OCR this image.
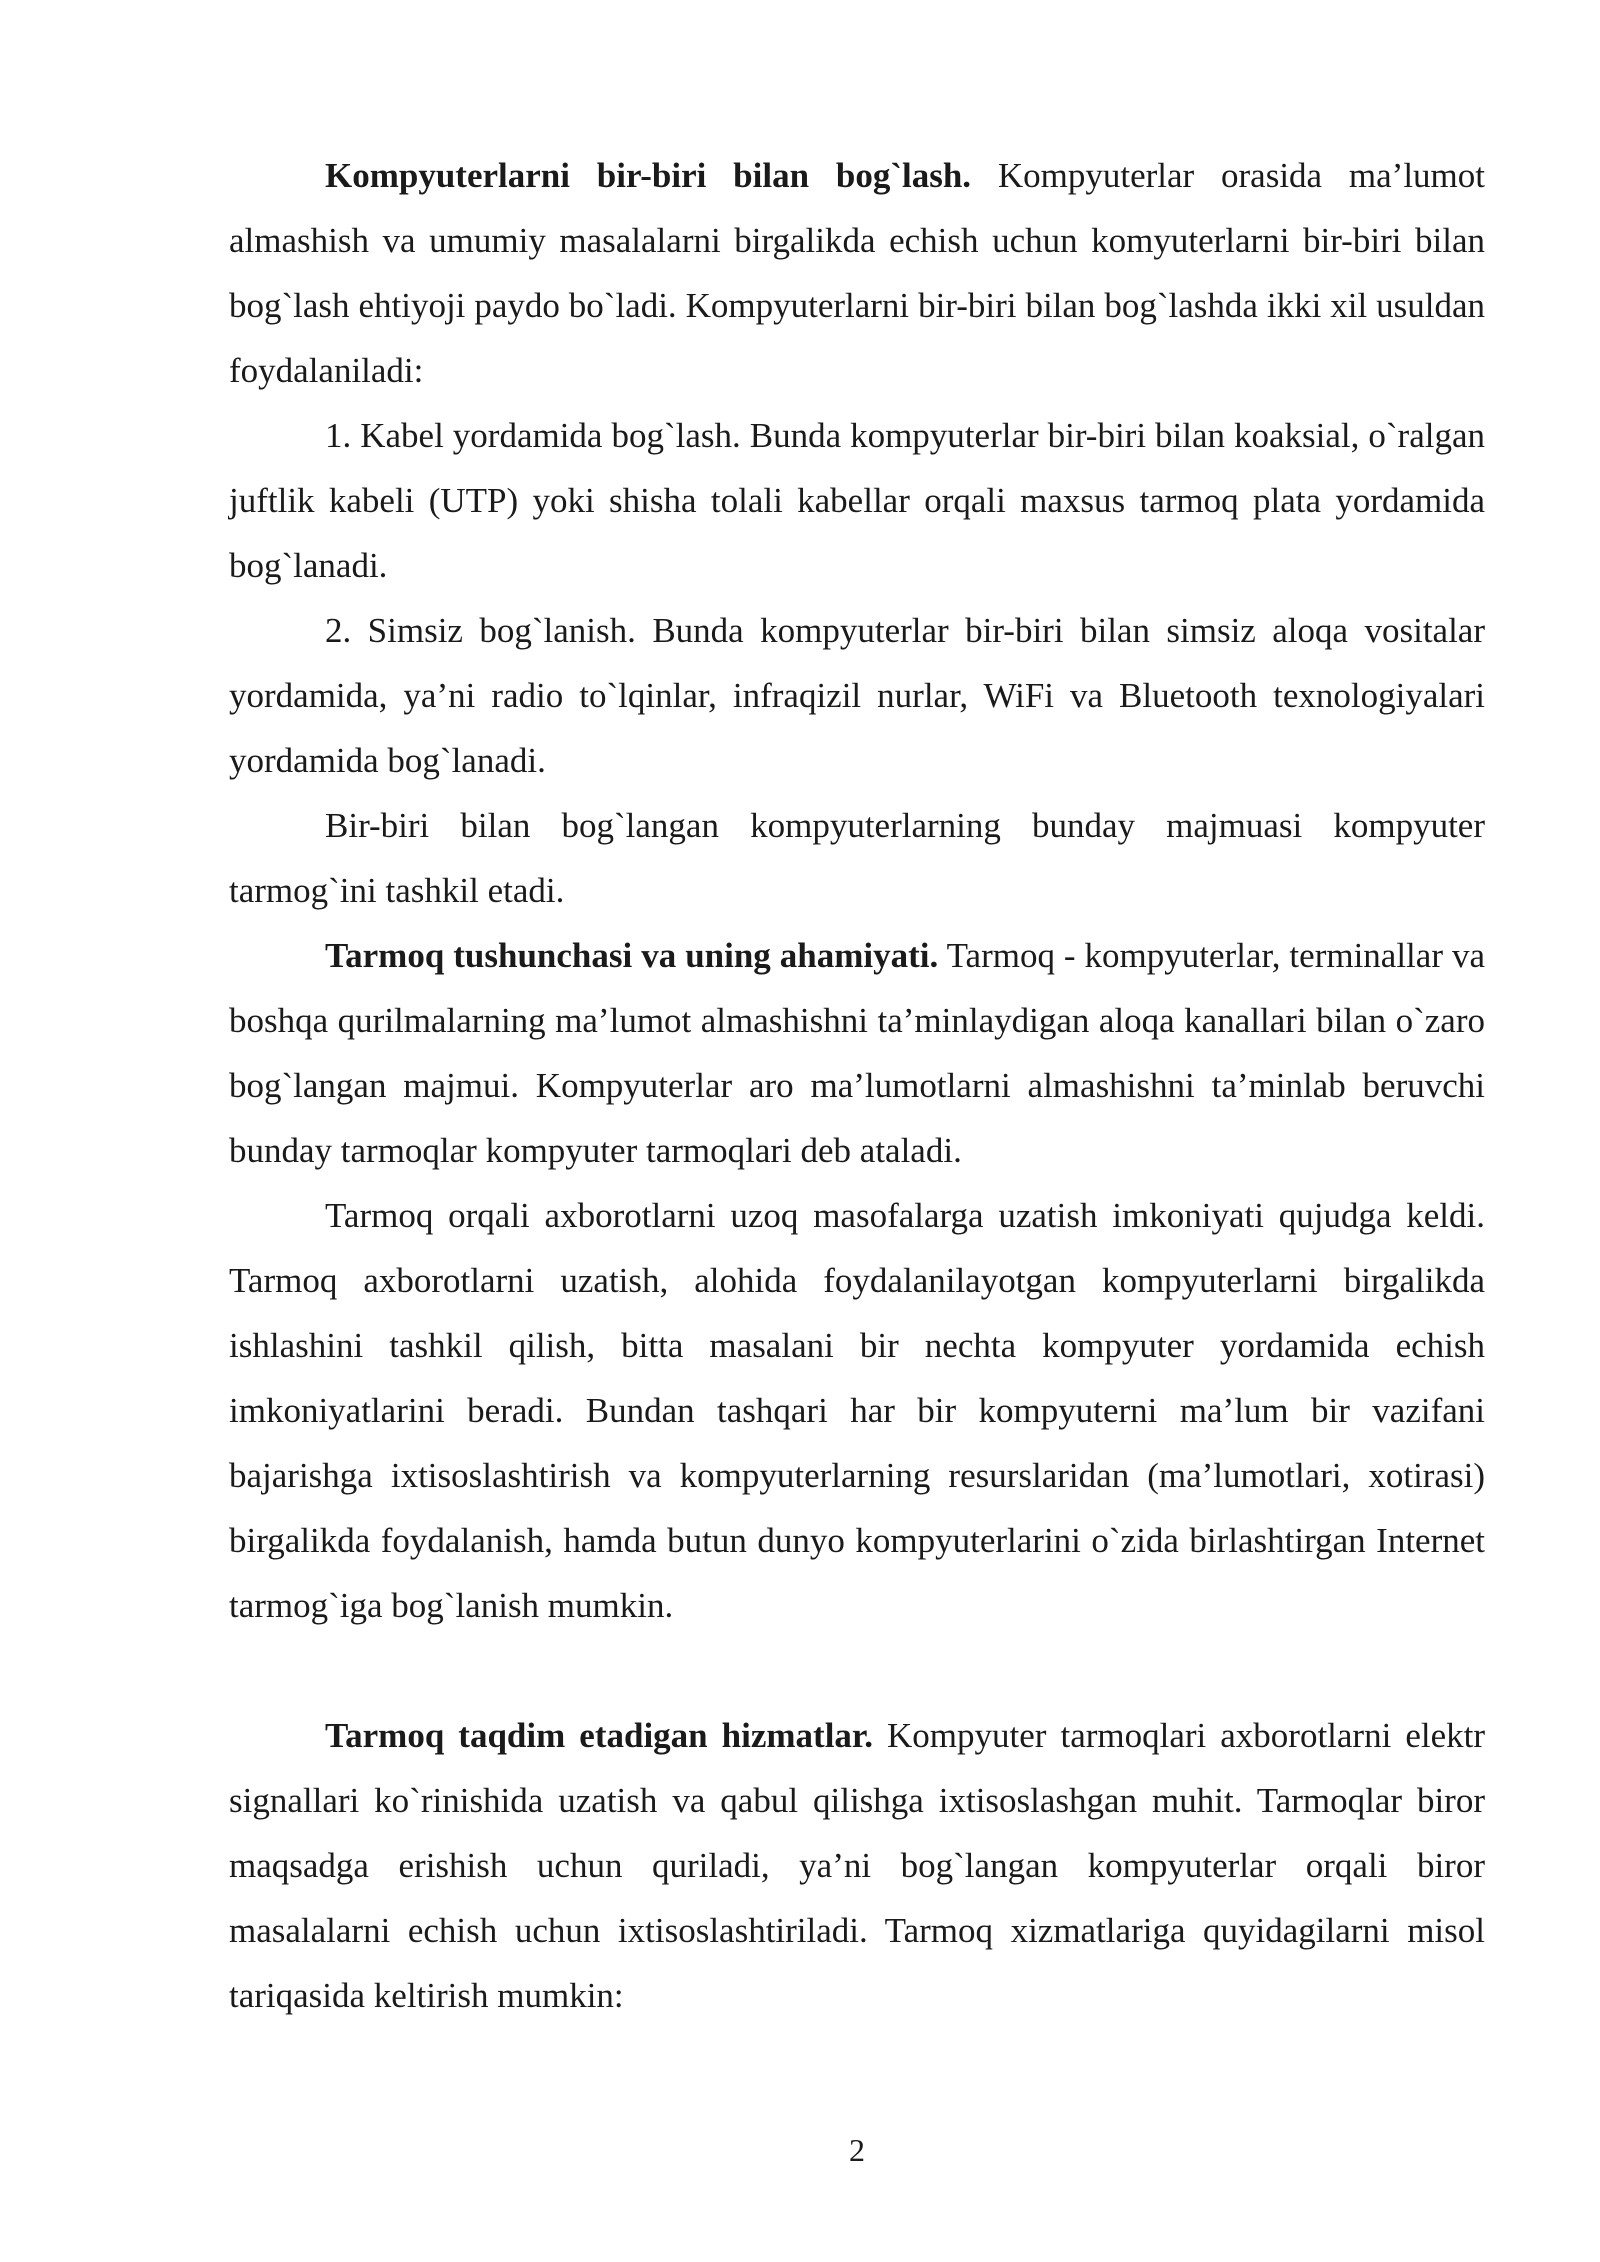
Kompyuterlarni bir-biri bilan bog`lash. Kompyuterlar orasida ma’lumot almashish va umumiy masalalarni birgalikda echish uchun komyuterlarni bir-biri bilan bog`lash ehtiyoji paydo bo`ladi. Kompyuterlarni bir-biri bilan bog`lashda ikki xil usuldan foydalaniladi:

1. Kabel yordamida bog`lash. Bunda kompyuterlar bir-biri bilan koaksial, o`ralgan juftlik kabeli (UTP) yoki shisha tolali kabellar orqali maxsus tarmoq plata yordamida bog`lanadi.

2. Simsiz bog`lanish. Bunda kompyuterlar bir-biri bilan simsiz aloqa vositalar yordamida, ya’ni radio to`lqinlar, infraqizil nurlar, WiFi va Bluetooth texnologiyalari yordamida bog`lanadi.

Bir-biri bilan bog`langan kompyuterlarning bunday majmuasi kompyuter tarmog`ini tashkil etadi.

Tarmoq tushunchasi va uning ahamiyati. Tarmoq - kompyuterlar, terminallar va boshqa qurilmalarning ma’lumot almashishni ta’minlaydigan aloqa kanallari bilan o`zaro bog`langan majmui. Kompyuterlar aro ma’lumotlarni almashishni ta’minlab beruvchi bunday tarmoqlar kompyuter tarmoqlari deb ataladi.

Tarmoq orqali axborotlarni uzoq masofalarga uzatish imkoniyati qujudga keldi. Tarmoq axborotlarni uzatish, alohida foydalanilayotgan kompyuterlarni birgalikda ishlashini tashkil qilish, bitta masalani bir nechta kompyuter yordamida echish imkoniyatlarini beradi. Bundan tashqari har bir kompyuterni ma’lum bir vazifani bajarishga ixtisoslashtirish va kompyuterlarning resurslaridan (ma’lumotlari, xotirasi) birgalikda foydalanish, hamda butun dunyo kompyuterlarini o`zida birlashtirgan Internet tarmog`iga bog`lanish mumkin.

Tarmoq taqdim etadigan hizmatlar. Kompyuter tarmoqlari axborotlarni elektr signallari ko`rinishida uzatish va qabul qilishga ixtisoslashgan muhit. Tarmoqlar biror maqsadga erishish uchun quriladi, ya’ni bog`langan kompyuterlar orqali biror masalalarni echish uchun ixtisoslashtiriladi. Tarmoq xizmatlariga quyidagilarni misol tariqasida keltirish mumkin:

2
